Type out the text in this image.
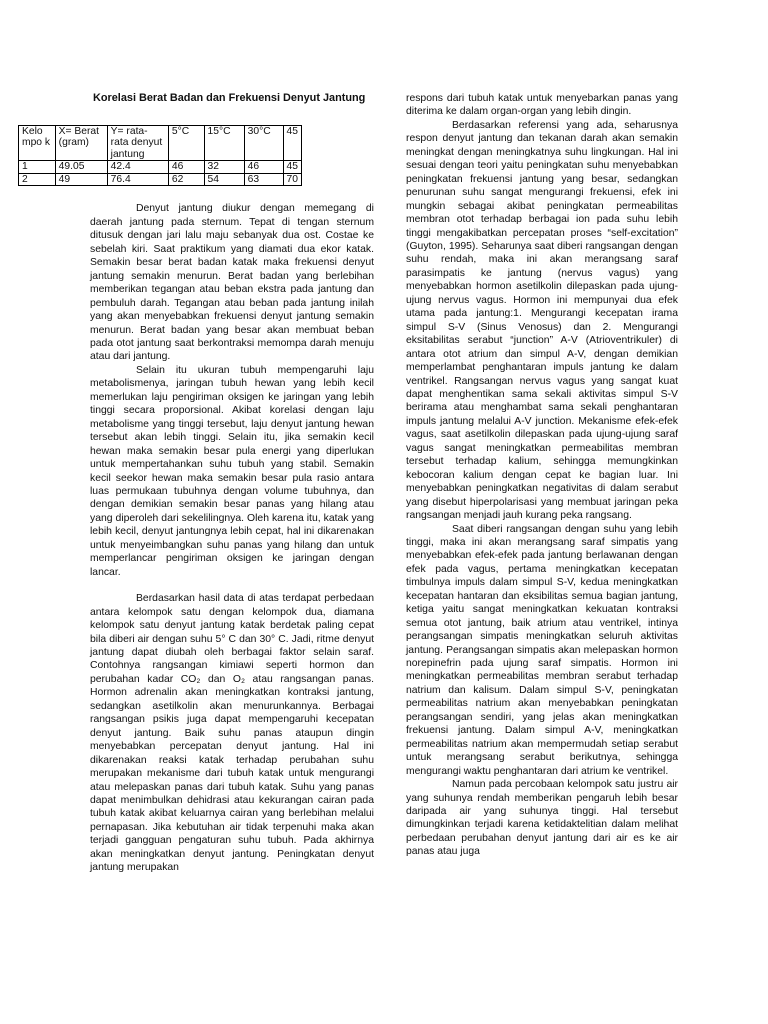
Korelasi Berat Badan dan Frekuensi Denyut Jantung
Kelo mpo k	X= Berat (gram)	Y= rata-rata denyut jantung	5°C	15°C	30°C	45
1	49.05	42.4	46	32	46	45
2	49	76.4	62	54	63	70

Denyut jantung diukur dengan memegang di daerah jantung pada sternum. Tepat di tengan sternum ditusuk dengan jari lalu maju sebanyak dua ost. Costae ke sebelah kiri. Saat praktikum yang diamati dua ekor katak. Semakin besar berat badan katak maka frekuensi denyut jantung semakin menurun. Berat badan yang berlebihan memberikan tegangan atau beban ekstra pada jantung dan pembuluh darah. Tegangan atau beban pada jantung inilah yang akan menyebabkan frekuensi denyut jantung semakin menurun. Berat badan yang besar akan membuat beban pada otot jantung saat berkontraksi memompa darah menuju atau dari jantung.

Selain itu ukuran tubuh mempengaruhi laju metabolismenya, jaringan tubuh hewan yang lebih kecil memerlukan laju pengiriman oksigen ke jaringan yang lebih tinggi secara proporsional. Akibat korelasi dengan laju metabolisme yang tinggi tersebut, laju denyut jantung hewan tersebut akan lebih tinggi. Selain itu, jika semakin kecil hewan maka semakin besar pula energi yang diperlukan untuk mempertahankan suhu tubuh yang stabil. Semakin kecil seekor hewan maka semakin besar pula rasio antara luas permukaan tubuhnya dengan volume tubuhnya, dan dengan demikian semakin besar panas yang hilang atau yang diperoleh dari sekelilingnya. Oleh karena itu, katak yang lebih kecil, denyut jantungnya lebih cepat, hal ini dikarenakan untuk menyeimbangkan suhu panas yang hilang dan untuk memperlancar pengiriman oksigen ke jaringan dengan lancar.

Berdasarkan hasil data di atas terdapat perbedaan antara kelompok satu dengan kelompok dua, diamana kelompok satu denyut jantung katak berdetak paling cepat bila diberi air dengan suhu 5° C dan 30° C. Jadi, ritme denyut jantung dapat diubah oleh berbagai faktor selain saraf. Contohnya rangsangan kimiawi seperti hormon dan perubahan kadar CO₂ dan O₂ atau rangsangan panas. Hormon adrenalin akan meningkatkan kontraksi jantung, sedangkan asetilkolin akan menurunkannya. Berbagai rangsangan psikis juga dapat mempengaruhi kecepatan denyut jantung. Baik suhu panas ataupun dingin menyebabkan percepatan denyut jantung. Hal ini dikarenakan reaksi katak terhadap perubahan suhu merupakan mekanisme dari tubuh katak untuk mengurangi atau melepaskan panas dari tubuh katak. Suhu yang panas dapat menimbulkan dehidrasi atau kekurangan cairan pada tubuh katak akibat keluarnya cairan yang berlebihan melalui pernapasan. Jika kebutuhan air tidak terpenuhi maka akan terjadi gangguan pengaturan suhu tubuh. Pada akhirnya akan meningkatkan denyut jantung. Peningkatan denyut jantung merupakan

respons dari tubuh katak untuk menyebarkan panas yang diterima ke dalam organ-organ yang lebih dingin.

Berdasarkan referensi yang ada, seharusnya respon denyut jantung dan tekanan darah akan semakin meningkat dengan meningkatnya suhu lingkungan. Hal ini sesuai dengan teori yaitu peningkatan suhu menyebabkan peningkatan frekuensi jantung yang besar, sedangkan penurunan suhu sangat mengurangi frekuensi, efek ini mungkin sebagai akibat peningkatan permeabilitas membran otot terhadap berbagai ion pada suhu lebih tinggi mengakibatkan percepatan proses “self-excitation” (Guyton, 1995). Seharunya saat diberi rangsangan dengan suhu rendah, maka ini akan merangsang saraf parasimpatis ke jantung (nervus vagus) yang menyebabkan hormon asetilkolin dilepaskan pada ujung-ujung nervus vagus. Hormon ini mempunyai dua efek utama pada jantung:1. Mengurangi kecepatan irama simpul S-V (Sinus Venosus) dan 2. Mengurangi eksitabilitas serabut “junction” A-V (Atrioventrikuler) di antara otot atrium dan simpul A-V, dengan demikian memperlambat penghantaran impuls jantung ke dalam ventrikel. Rangsangan nervus vagus yang sangat kuat dapat menghentikan sama sekali aktivitas simpul S-V berirama atau menghambat sama sekali penghantaran impuls jantung melalui A-V junction. Mekanisme efek-efek vagus, saat asetilkolin dilepaskan pada ujung-ujung saraf vagus sangat meningkatkan permeabilitas membran tersebut terhadap kalium, sehingga memungkinkan kebocoran kalium dengan cepat ke bagian luar. Ini menyebabkan peningkatkan negativitas di dalam serabut yang disebut hiperpolarisasi yang membuat jaringan peka rangsangan menjadi jauh kurang peka rangsang.

Saat diberi rangsangan dengan suhu yang lebih tinggi, maka ini akan merangsang saraf simpatis yang menyebabkan efek-efek pada jantung berlawanan dengan efek pada vagus, pertama meningkatkan kecepatan timbulnya impuls dalam simpul S-V, kedua meningkatkan kecepatan hantaran dan eksibilitas semua bagian jantung, ketiga yaitu sangat meningkatkan kekuatan kontraksi semua otot jantung, baik atrium atau ventrikel, intinya perangsangan simpatis meningkatkan seluruh aktivitas jantung. Perangsangan simpatis akan melepaskan hormon norepinefrin pada ujung saraf simpatis. Hormon ini meningkatkan permeabilitas membran serabut terhadap natrium dan kalisum. Dalam simpul S-V, peningkatan permeabilitas natrium akan menyebabkan peningkatan perangsangan sendiri, yang jelas akan meningkatkan frekuensi jantung. Dalam simpul A-V, meningkatkan permeabilitas natrium akan mempermudah setiap serabut untuk merangsang serabut berikutnya, sehingga mengurangi waktu penghantaran dari atrium ke ventrikel.

Namun pada percobaan kelompok satu justru air yang suhunya rendah memberikan pengaruh lebih besar daripada air yang suhunya tinggi. Hal tersebut dimungkinkan terjadi karena ketidaktelitian dalam melihat perbedaan perubahan denyut jantung dari air es ke air panas atau juga
